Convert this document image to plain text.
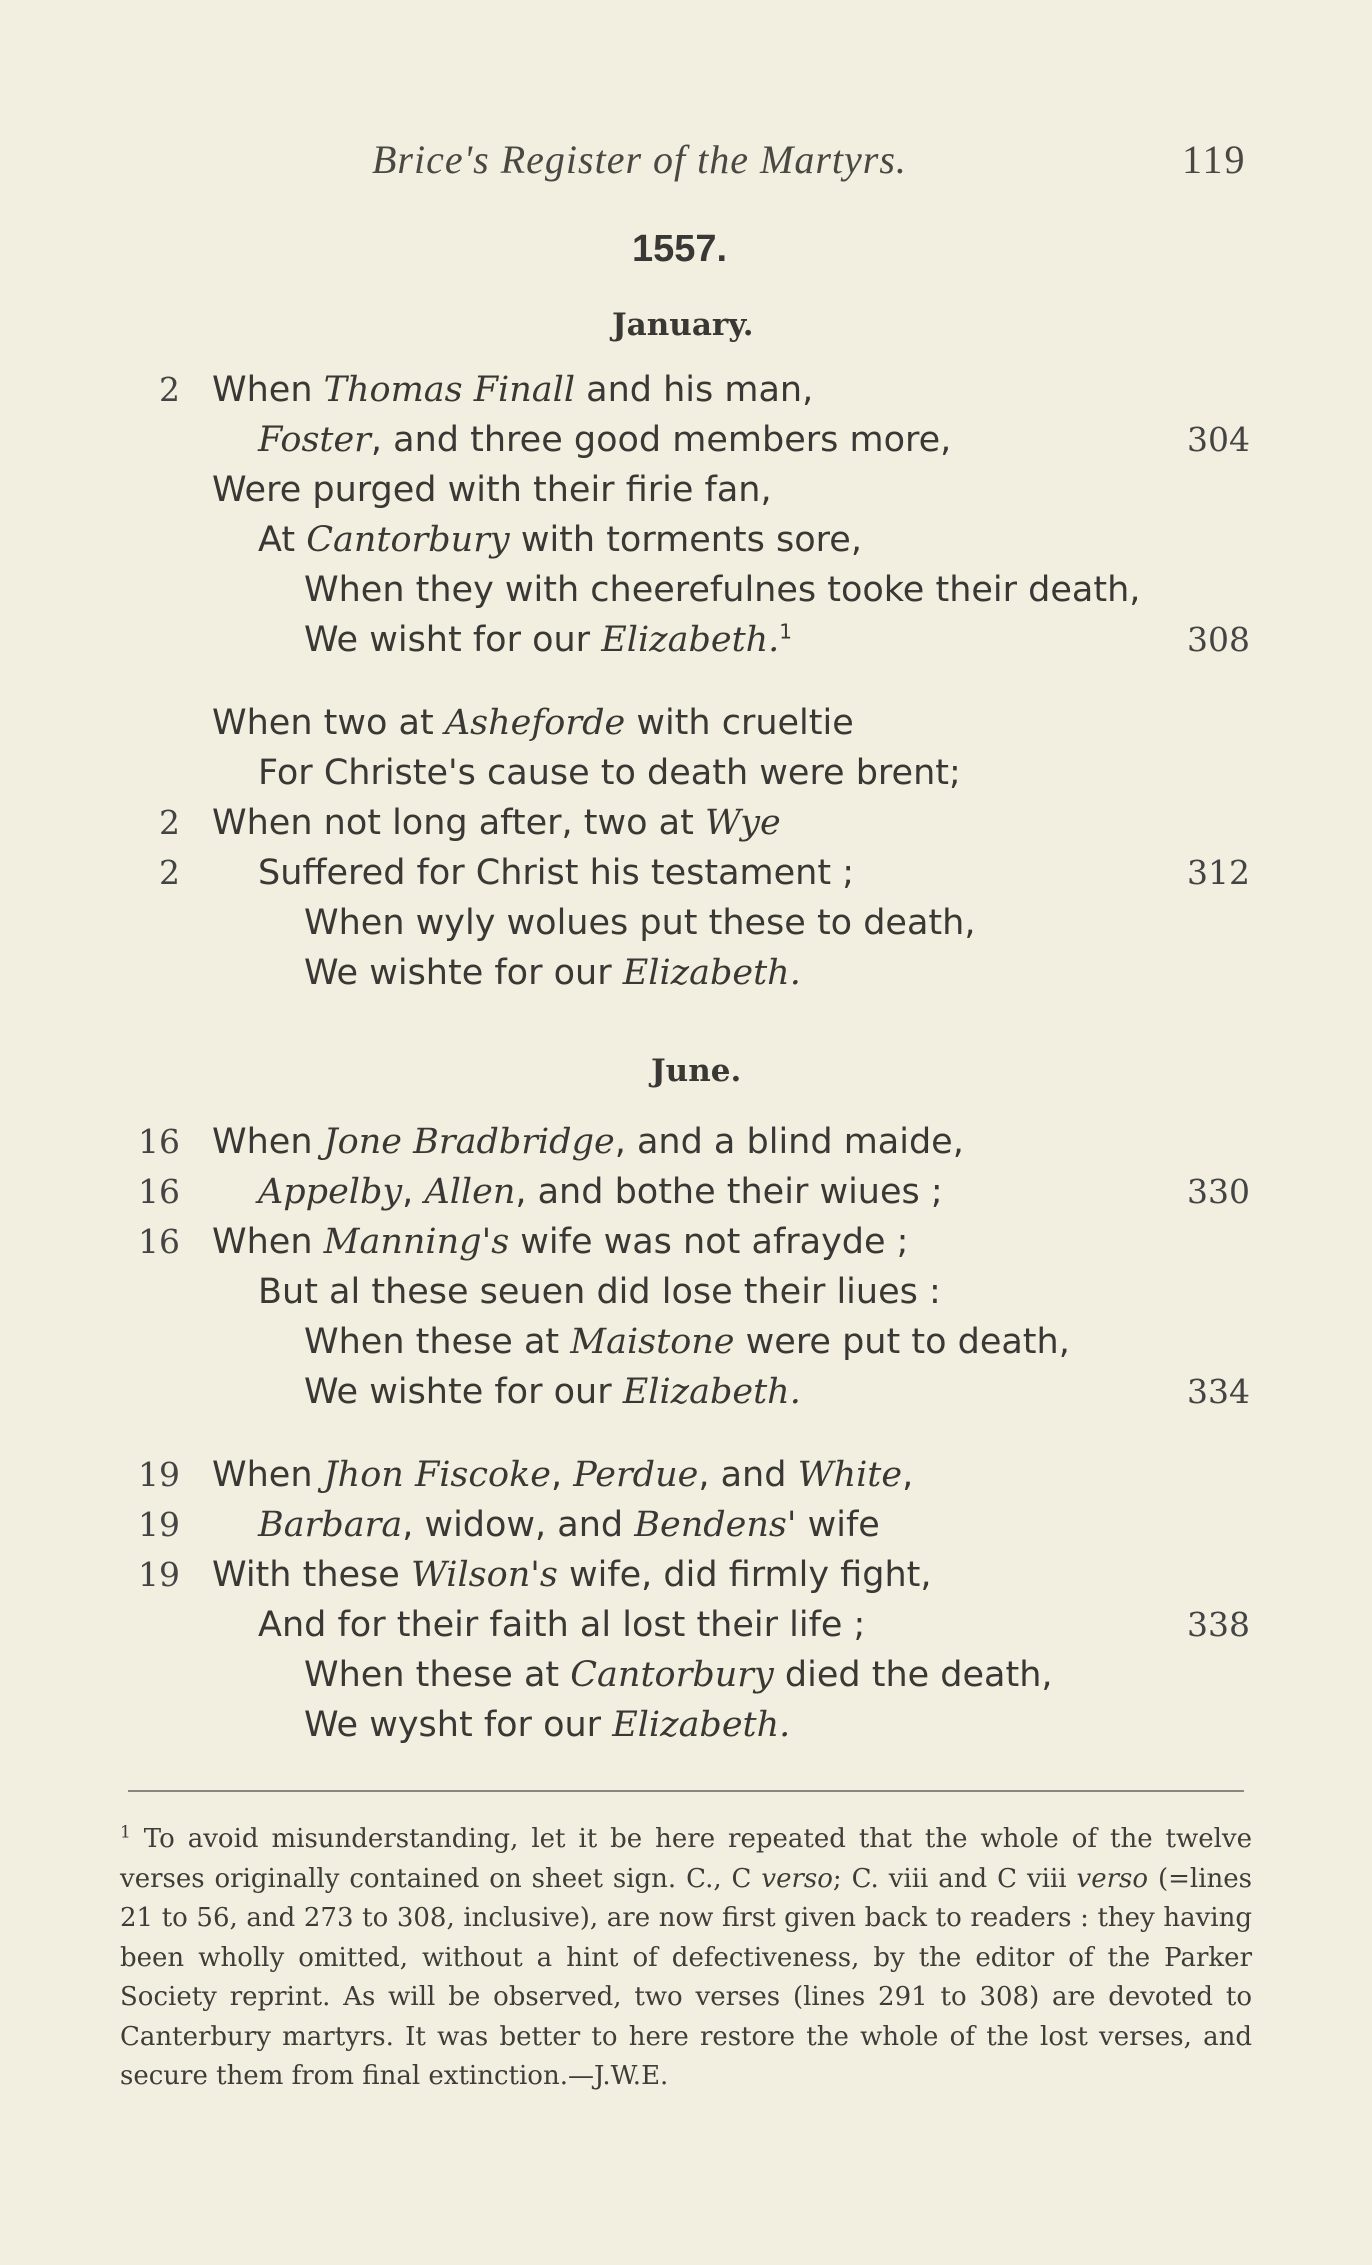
Brice's Register of the Martyrs.	119
1557.
January.
2 When Thomas Finall and his man,
Foster, and three good members more,	304
Were purged with their firie fan,
At Cantorbury with torments sore,
When they with cheerefulnes tooke their death,
We wisht for our Elizabeth.$^1$	308
When two at Asheforde with crueltie
For Christe's cause to death were brent;
2 When not long after, two at Wye
2 Suffered for Christ his testament ;	312
When wyly wolues put these to death,
We wishte for our Elizabeth.
June.
16 When Jone Bradbridge, and a blind maide,
16 Appelby, Allen, and bothe their wiues ;	330
16 When Manning's wife was not afrayde ;
But al these seuen did lose their liues :
When these at Maistone were put to death,
We wishte for our Elizabeth.	334
19 When Jhon Fiscoke, Perdue, and White,
19 Barbara, widow, and Bendens' wife
19 With these Wilson's wife, did firmly fight,
And for their faith al lost their life ;	338
When these at Cantorbury died the death,
We wysht for our Elizabeth.
$^1$ To avoid misunderstanding, let it be here repeated that the whole of the twelve verses originally contained on sheet sign. C., C verso; C. viii and C viii verso (=lines 21 to 56, and 273 to 308, inclusive), are now first given back to readers : they having been wholly omitted, without a hint of defectiveness, by the editor of the Parker Society reprint. As will be observed, two verses (lines 291 to 308) are devoted to Canterbury martyrs. It was better to here restore the whole of the lost verses, and secure them from final extinction.—J.W.E.
